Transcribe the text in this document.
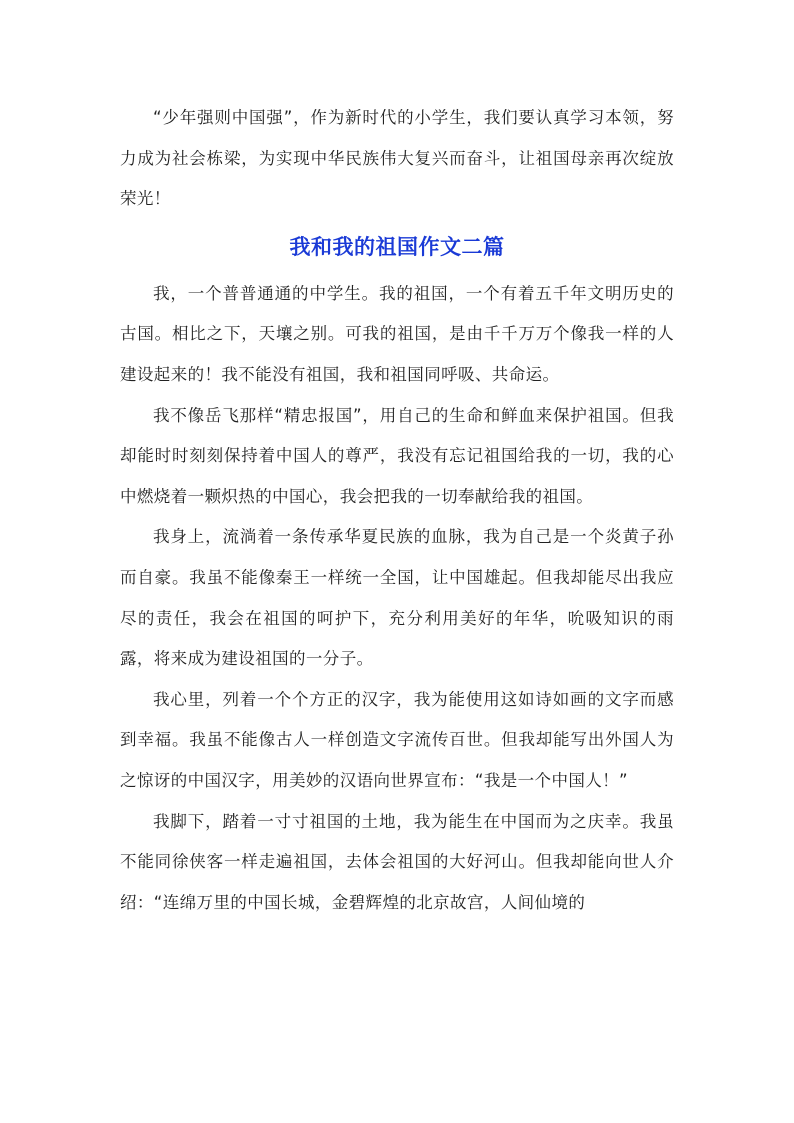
“少年强则中国强”，作为新时代的小学生，我们要认真学习本领，努力成为社会栋梁，为实现中华民族伟大复兴而奋斗，让祖国母亲再次绽放荣光！

我和我的祖国作文二篇

我，一个普普通通的中学生。我的祖国，一个有着五千年文明历史的古国。相比之下，天壤之别。可我的祖国，是由千千万万个像我一样的人建设起来的！我不能没有祖国，我和祖国同呼吸、共命运。

我不像岳飞那样“精忠报国”，用自己的生命和鲜血来保护祖国。但我却能时时刻刻保持着中国人的尊严，我没有忘记祖国给我的一切，我的心中燃烧着一颗炽热的中国心，我会把我的一切奉献给我的祖国。

我身上，流淌着一条传承华夏民族的血脉，我为自己是一个炎黄子孙而自豪。我虽不能像秦王一样统一全国，让中国雄起。但我却能尽出我应尽的责任，我会在祖国的呵护下，充分利用美好的年华，吮吸知识的雨露，将来成为建设祖国的一分子。

我心里，列着一个个方正的汉字，我为能使用这如诗如画的文字而感到幸福。我虽不能像古人一样创造文字流传百世。但我却能写出外国人为之惊讶的中国汉字，用美妙的汉语向世界宣布：“我是一个中国人！”

我脚下，踏着一寸寸祖国的土地，我为能生在中国而为之庆幸。我虽不能同徐侠客一样走遍祖国，去体会祖国的大好河山。但我却能向世人介绍：“连绵万里的中国长城，金碧辉煌的北京故宫，人间仙境的
